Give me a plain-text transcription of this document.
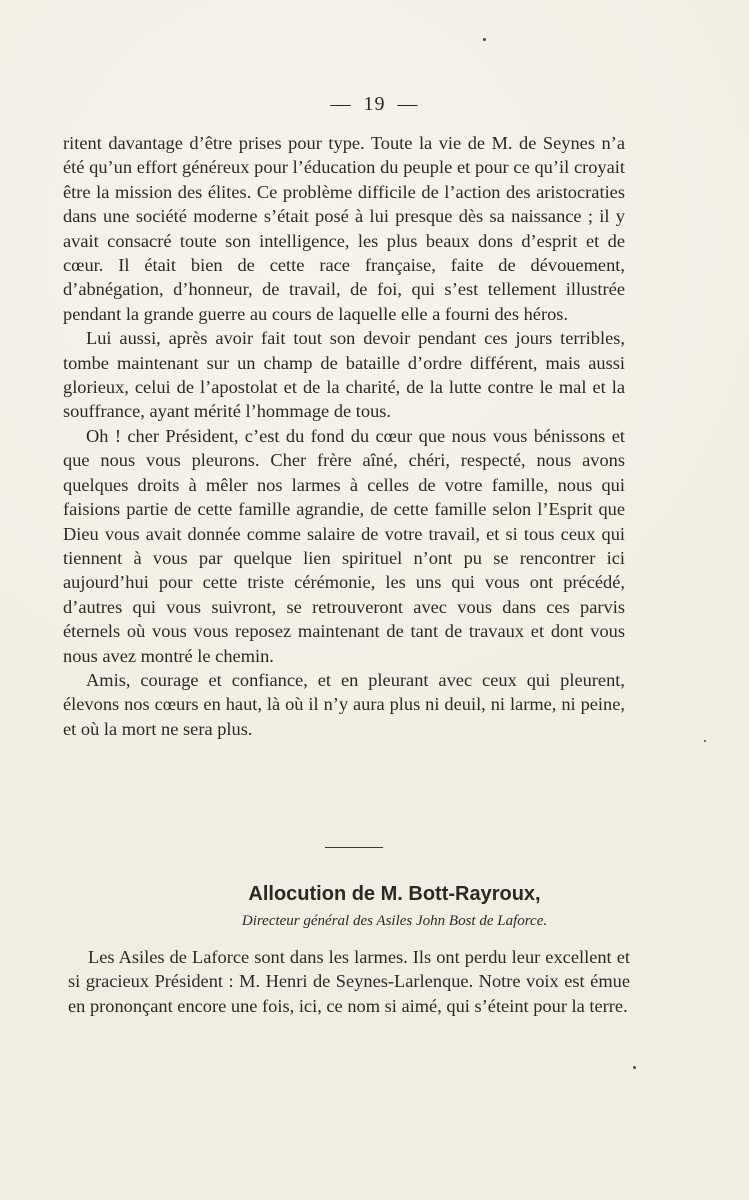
— 19 —

ritent davantage d’être prises pour type. Toute la vie de M. de Seynes n’a été qu’un effort généreux pour l’éducation du peuple et pour ce qu’il croyait être la mission des élites. Ce problème difficile de l’action des aristocraties dans une société moderne s’était posé à lui presque dès sa naissance ; il y avait consacré toute son intelligence, les plus beaux dons d’esprit et de cœur. Il était bien de cette race française, faite de dévouement, d’abnégation, d’honneur, de travail, de foi, qui s’est tellement illustrée pendant la grande guerre au cours de laquelle elle a fourni des héros.

Lui aussi, après avoir fait tout son devoir pendant ces jours terribles, tombe maintenant sur un champ de bataille d’ordre différent, mais aussi glorieux, celui de l’apostolat et de la charité, de la lutte contre le mal et la souffrance, ayant mérité l’hommage de tous.

Oh ! cher Président, c’est du fond du cœur que nous vous bénissons et que nous vous pleurons. Cher frère aîné, chéri, respecté, nous avons quelques droits à mêler nos larmes à celles de votre famille, nous qui faisions partie de cette famille agrandie, de cette famille selon l’Esprit que Dieu vous avait donnée comme salaire de votre travail, et si tous ceux qui tiennent à vous par quelque lien spirituel n’ont pu se rencontrer ici aujourd’hui pour cette triste cérémonie, les uns qui vous ont précédé, d’autres qui vous suivront, se retrouveront avec vous dans ces parvis éternels où vous vous reposez maintenant de tant de travaux et dont vous nous avez montré le chemin.

Amis, courage et confiance, et en pleurant avec ceux qui pleurent, élevons nos cœurs en haut, là où il n’y aura plus ni deuil, ni larme, ni peine, et où la mort ne sera plus.

Allocution de M. Bott-Rayroux,

Directeur général des Asiles John Bost de Laforce.

Les Asiles de Laforce sont dans les larmes. Ils ont perdu leur excellent et si gracieux Président : M. Henri de Seynes-Larlenque. Notre voix est émue en prononçant encore une fois, ici, ce nom si aimé, qui s’éteint pour la terre.
